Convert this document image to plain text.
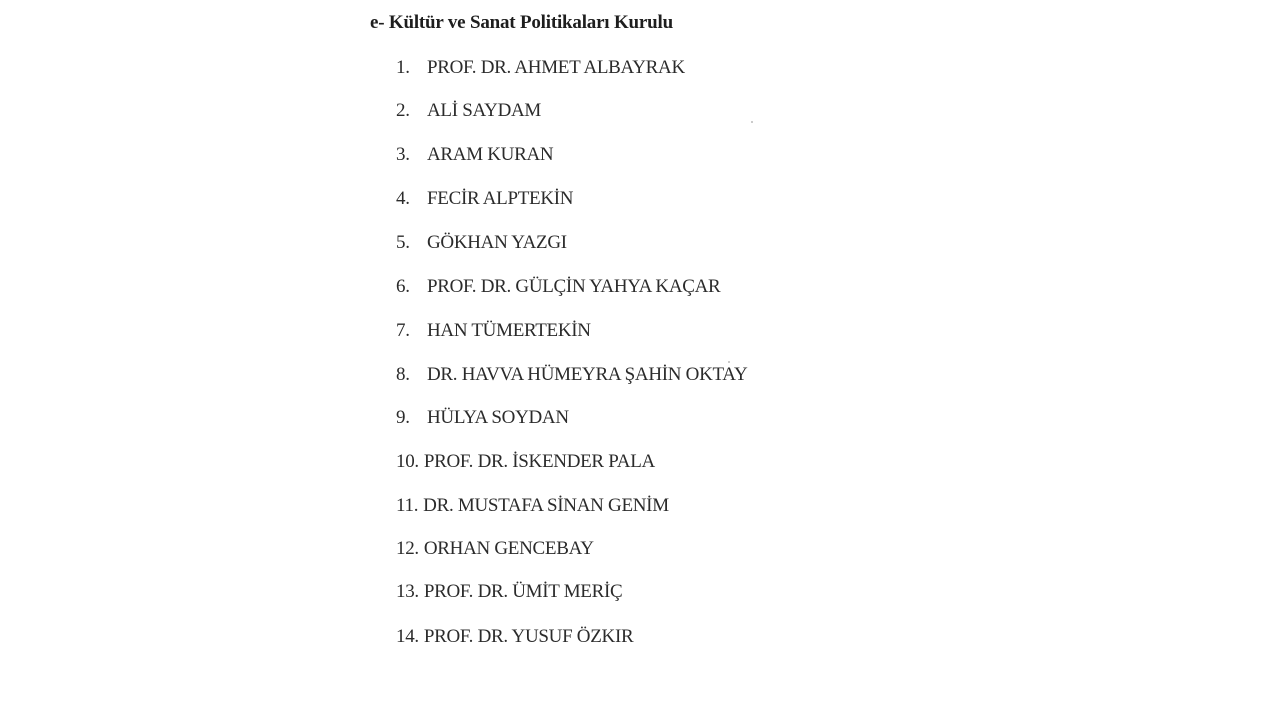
e- Kültür ve Sanat Politikaları Kurulu
1. PROF. DR. AHMET ALBAYRAK
2. ALİ SAYDAM
3. ARAM KURAN
4. FECİR ALPTEKİN
5. GÖKHAN YAZGI
6. PROF. DR. GÜLÇİN YAHYA KAÇAR
7. HAN TÜMERTEKİN
8. DR. HAVVA HÜMEYRA ŞAHİN OKTAY
9. HÜLYA SOYDAN
10. PROF. DR. İSKENDER PALA
11. DR. MUSTAFA SİNAN GENİM
12. ORHAN GENCEBAY
13. PROF. DR. ÜMİT MERİÇ
14. PROF. DR. YUSUF ÖZKIR
